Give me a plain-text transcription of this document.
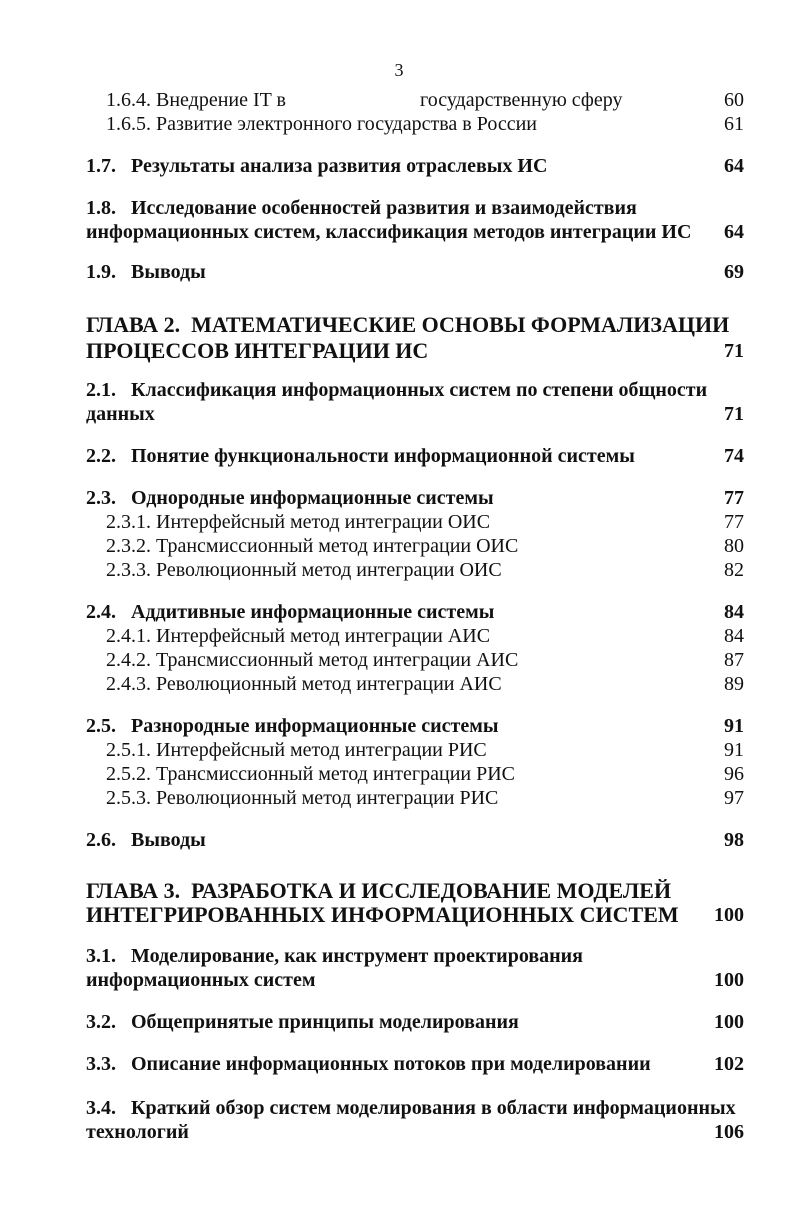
3
1.6.4. Внедрение IT в	государственную сферу	60
1.6.5. Развитие электронного государства в России	61
1.7.   Результаты анализа развития отраслевых ИС	64
1.8.   Исследование особенностей развития и взаимодействия
информационных систем, классификация методов интеграции ИС 64
1.9.   Выводы	69
ГЛАВА 2.  МАТЕМАТИЧЕСКИЕ ОСНОВЫ ФОРМАЛИЗАЦИИ
ПРОЦЕССОВ ИНТЕГРАЦИИ ИС	71
2.1.   Классификация информационных систем по степени общности
данных	71
2.2.   Понятие функциональности информационной системы	74
2.3.   Однородные информационные системы	77
2.3.1. Интерфейсный метод интеграции ОИС	77
2.3.2. Трансмиссионный метод интеграции ОИС	80
2.3.3. Революционный метод интеграции ОИС	82
2.4.   Аддитивные информационные системы	84
2.4.1. Интерфейсный метод интеграции АИС	84
2.4.2. Трансмиссионный метод интеграции АИС	87
2.4.3. Революционный метод интеграции АИС	89
2.5.   Разнородные информационные системы	91
2.5.1. Интерфейсный метод интеграции РИС	91
2.5.2. Трансмиссионный метод интеграции РИС	96
2.5.3. Революционный метод интеграции РИС	97
2.6.   Выводы	98
ГЛАВА 3.  РАЗРАБОТКА И ИССЛЕДОВАНИЕ МОДЕЛЕЙ
ИНТЕГРИРОВАННЫХ ИНФОРМАЦИОННЫХ СИСТЕМ 100
3.1.   Моделирование, как инструмент проектирования
информационных систем	100
3.2.   Общепринятые принципы моделирования	100
3.3.   Описание информационных потоков при моделировании	102
3.4.   Краткий обзор систем моделирования в области информационных
технологий	106
